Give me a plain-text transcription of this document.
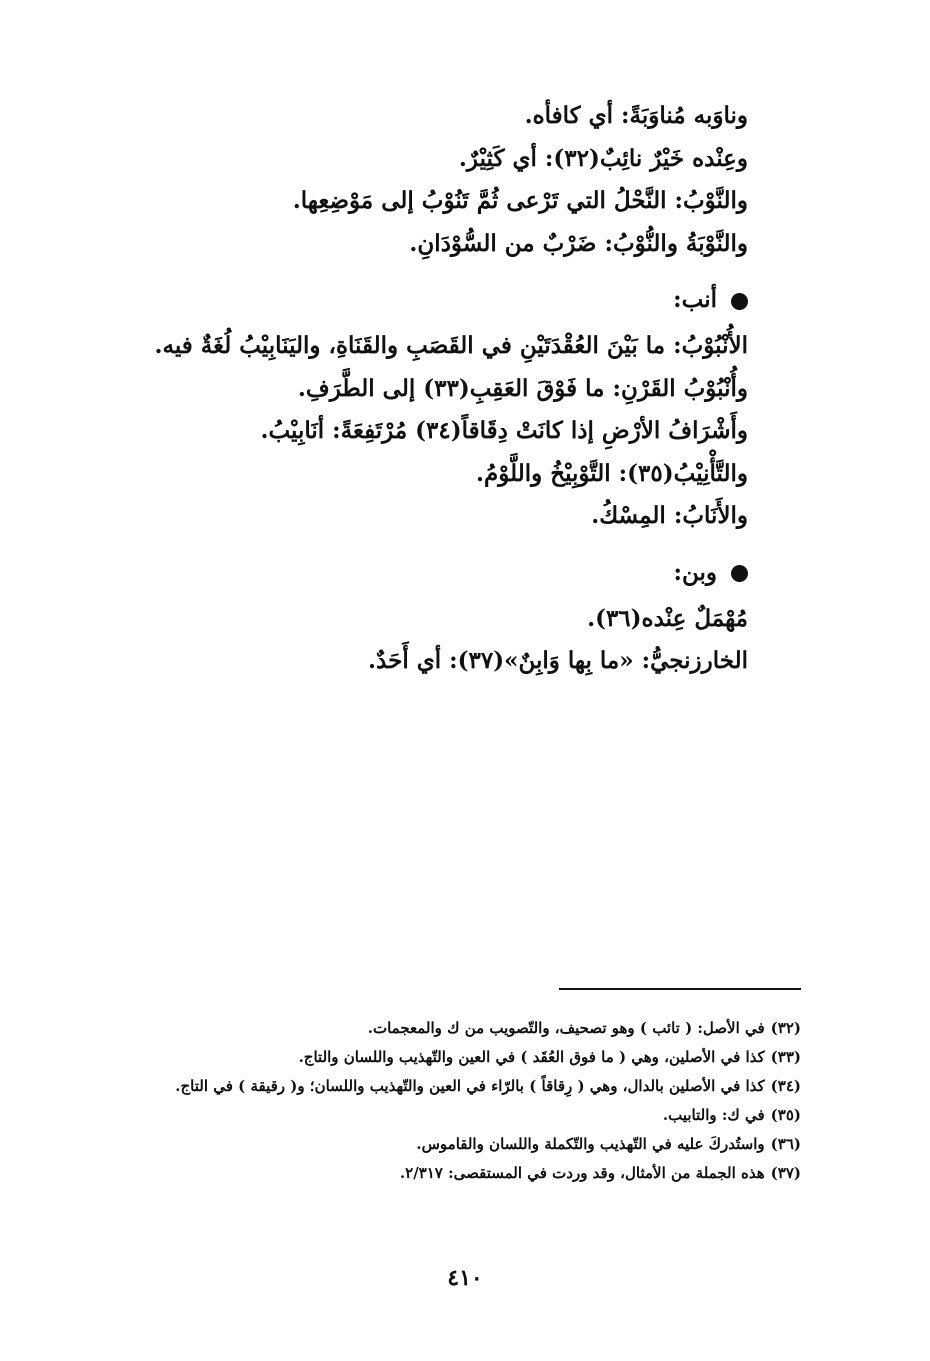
وناوَبه مُناوَبَةً: أي كافأه.
وعِنْده خَيْرٌ نائِبٌ(٣٢): أي كَثِيْرٌ.
والنَّوْبُ: النَّحْلُ التي تَرْعى ثُمَّ تَنُوْبُ إلى مَوْضِعِها.
والنَّوْبَةُ والنُّوْبُ: ضَرْبٌ من السُّوْدَانِ.
أنب:
الأُنْبُوْبُ: ما بَيْنَ العُقْدَتَيْنِ في القَصَبِ والقَنَاةِ، واليَنَابِيْبُ لُغَةٌ فيه.
وأُنْبُوْبُ القَرْنِ: ما فَوْقَ العَقِبِ(٣٣) إلى الطَّرَفِ.
وأَشْرَافُ الأرْضِ إذا كانَتْ دِقَاقاً(٣٤) مُرْتَفِعَةً: أنَابِيْبُ.
والتَّأْنِيْبُ(٣٥): التَّوْبِيْخُ واللَّوْمُ.
والأَنَابُ: المِسْكُ.
وبن:
مُهْمَلٌ عِنْده(٣٦).
الخارزنجيُّ: «ما بِها وَابِنٌ»(٣٧): أي أَحَدٌ.
(٣٢)في الأصل: ( تائب ) وهو تصحيف، والتّصويب من ك والمعجمات.
(٣٣)كذا في الأصلين، وهي ( ما فوق العُقَد ) في العين والتّهذيب واللسان والتاج.
(٣٤)كذا في الأصلين بالدال، وهي ( رِقاقاً ) بالرّاء في العين والتّهذيب واللسان؛ و( رقيقة ) في التاج.
(٣٥)في ك: والتابيب.
(٣٦)واستُدركَ عليه في التّهذيب والتّكملة واللسان والقاموس.
(٣٧)هذه الجملة من الأمثال، وقد وردت في المستقصى: ٢/٣١٧.
٤١٠
